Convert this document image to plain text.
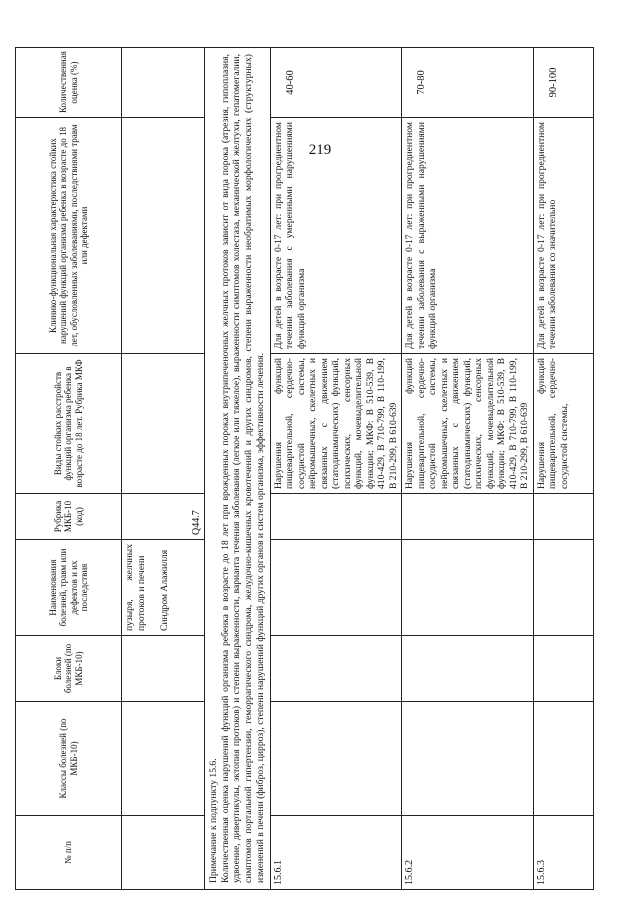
219
№ п/п	Классы болезней (по МКБ-10)	Блоки болезней (по МКБ-10)	Наименования болезней, травм или дефектов и их последствия	Рубрика МКБ-10 (код)	Виды стойких расстройств функций организма ребенка в возрасте до 18 лет. Рубрика МКФ	Клинико-функциональная характеристика стойких нарушений функций организма ребенка в возрасте до 18 лет, обусловленных заболеваниями, последствиями травм или дефектами	Количественная оценка (%)

			пузыря, желчных протоков и печени Синдром Алажилля	Q44.7			

Примечание к подпункту 15.6. Количественная оценка нарушений функций организма ребенка в возрасте до 18 лет при врожденных пороках внутрипеченочных желчных протоков зависит от вида порока (атрезия, гипоплазия, удвоение, дивертикулы, эктопия протоков) и степени выраженности, варианта течения заболевания (легкое или тяжелое), выраженности симптомов холестаза, механической желтухи, гепатомегалии, симптомов портальной гипертензии, геморрагического синдрома, желудочно-кишечных кровотечений и других синдромов, степени выраженности необратимых морфологических (структурных) изменений в печени (фиброз, цирроз), степени нарушений функций других органов и систем организма, эффективности лечения.							

15.6.1					Нарушения функций пищеварительной, сердечно-сосудистой системы, нейромышечных, скелетных и связанных с движением (статодинамических) функций, психических, сенсорных функций, мочевыделительной функции; МКФ: В 510-539, В 410-429, В 710-799, В 110-199, В 210-299, В 610-639	Для детей в возрасте 0-17 лет: при прогредиентном течении заболевания с умеренными нарушениями функций организма	40-60
15.6.2					Нарушения функций пищеварительной, сердечно-сосудистой системы, нейромышечных, скелетных и связанных с движением (статодинамических) функций, психических, сенсорных функций, мочевыделительной функции; МКФ: В 510-539, В 410-429, В 710-799, В 110-199, В 210-299, В 610-639	Для детей в возрасте 0-17 лет: при прогредиентном течении заболевания с выраженными нарушениями функций организма	70-80
15.6.3					Нарушения функций пищеварительной, сердечно-сосудистой системы,	Для детей в возрасте 0-17 лет: при прогредиентном течении заболевания со значительно	90-100
